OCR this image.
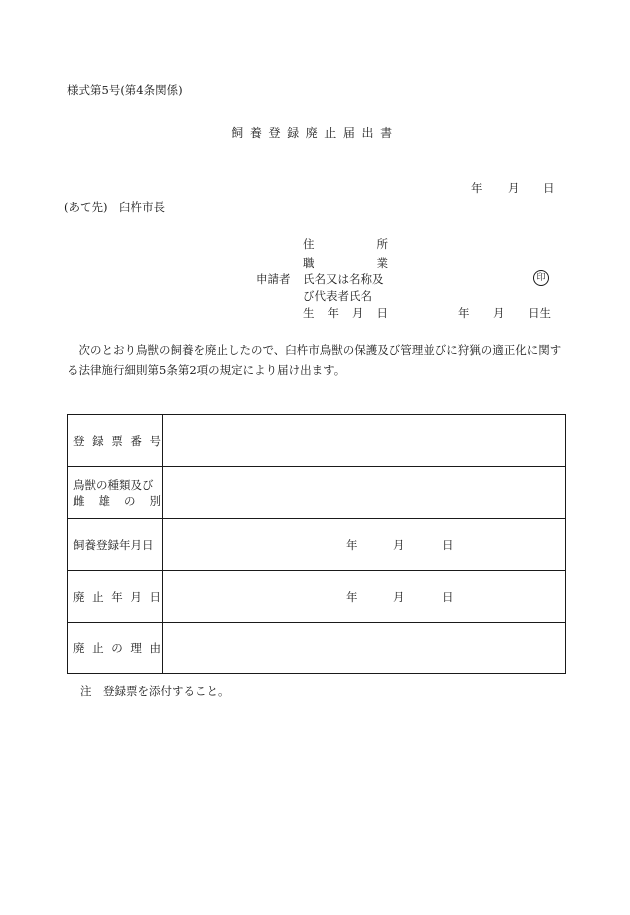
様式第5号(第4条関係)
飼養登録廃止届出書
年 月 日
(あて先)　臼杵市長
住	所
職	業
申請者 氏名又は名称及
び代表者氏名
印
生 年 月 日	年 月 日生
次のとおり鳥獣の飼養を廃止したので、臼杵市鳥獣の保護及び管理並びに狩猟の適正化に関する法律施行細則第5条第2項の規定により届け出ます。
登 録 票 番 号	

鳥獣の種類及び
雌 雄 の 別	

飼養登録年月日	年 月 日

廃 止 年 月 日	年 月 日

廃 止 の 理 由	

注　登録票を添付すること。
